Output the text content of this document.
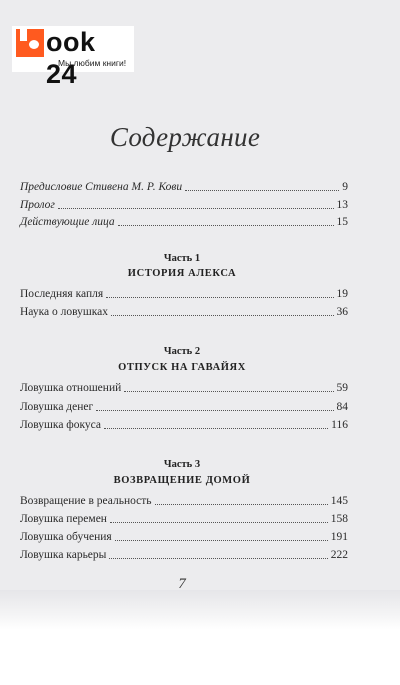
ook 24
Мы любим книги!
Содержание
Предисловие Стивена М. Р. Кови	9
Пролог	13
Действующие лица	15
Часть 1
ИСТОРИЯ АЛЕКСА
Последняя капля	19
Наука о ловушках	36
Часть 2
ОТПУСК НА ГАВАЙЯХ
Ловушка отношений	59
Ловушка денег	84
Ловушка фокуса	116
Часть 3
ВОЗВРАЩЕНИЕ ДОМОЙ
Возвращение в реальность	145
Ловушка перемен	158
Ловушка обучения	191
Ловушка карьеры	222
7
